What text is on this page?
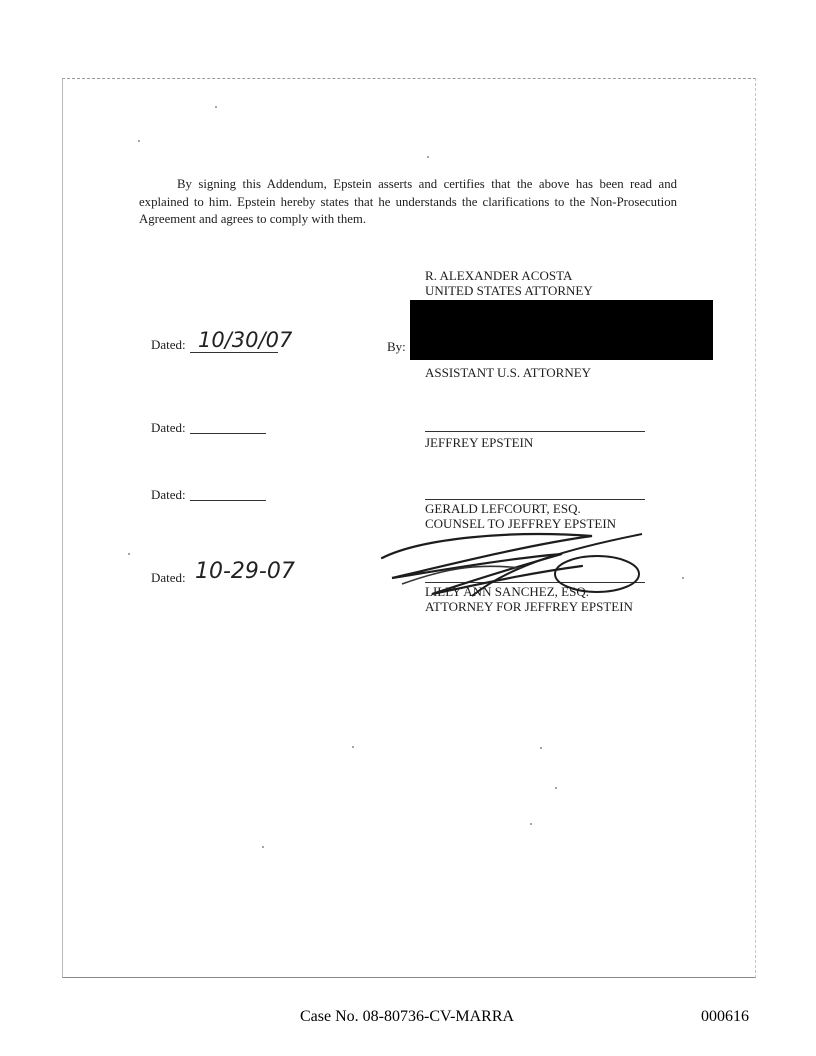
By signing this Addendum, Epstein asserts and certifies that the above has been read and explained to him. Epstein hereby states that he understands the clarifications to the Non-Prosecution Agreement and agrees to comply with them.

R. ALEXANDER ACOSTA
UNITED STATES ATTORNEY
Dated: 10/30/07	By:
ASSISTANT U.S. ATTORNEY
Dated:
JEFFREY EPSTEIN
Dated:
GERALD LEFCOURT, ESQ.
COUNSEL TO JEFFREY EPSTEIN
Dated: 10-29-07
LILLY ANN SANCHEZ, ESQ.
ATTORNEY FOR JEFFREY EPSTEIN
Case No. 08-80736-CV-MARRA	000616
